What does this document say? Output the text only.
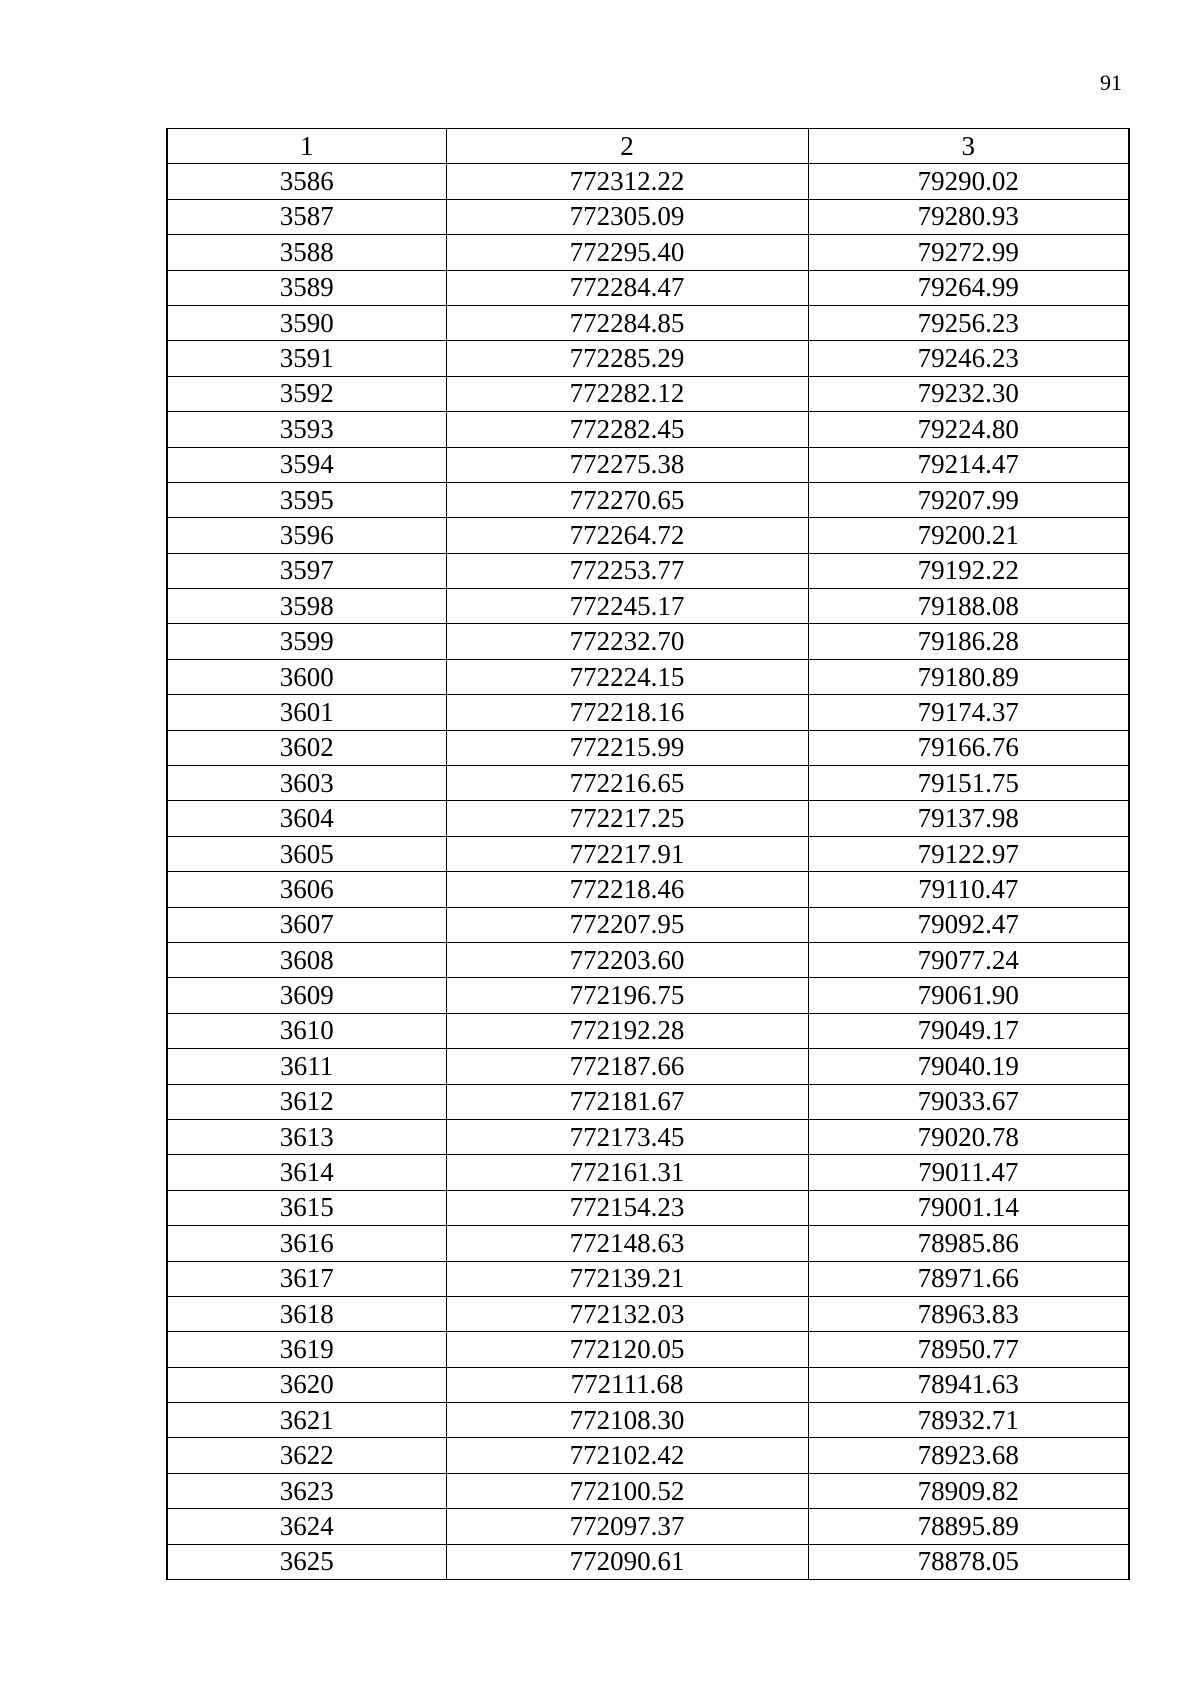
91
1	2	3
3586	772312.22	79290.02
3587	772305.09	79280.93
3588	772295.40	79272.99
3589	772284.47	79264.99
3590	772284.85	79256.23
3591	772285.29	79246.23
3592	772282.12	79232.30
3593	772282.45	79224.80
3594	772275.38	79214.47
3595	772270.65	79207.99
3596	772264.72	79200.21
3597	772253.77	79192.22
3598	772245.17	79188.08
3599	772232.70	79186.28
3600	772224.15	79180.89
3601	772218.16	79174.37
3602	772215.99	79166.76
3603	772216.65	79151.75
3604	772217.25	79137.98
3605	772217.91	79122.97
3606	772218.46	79110.47
3607	772207.95	79092.47
3608	772203.60	79077.24
3609	772196.75	79061.90
3610	772192.28	79049.17
3611	772187.66	79040.19
3612	772181.67	79033.67
3613	772173.45	79020.78
3614	772161.31	79011.47
3615	772154.23	79001.14
3616	772148.63	78985.86
3617	772139.21	78971.66
3618	772132.03	78963.83
3619	772120.05	78950.77
3620	772111.68	78941.63
3621	772108.30	78932.71
3622	772102.42	78923.68
3623	772100.52	78909.82
3624	772097.37	78895.89
3625	772090.61	78878.05
